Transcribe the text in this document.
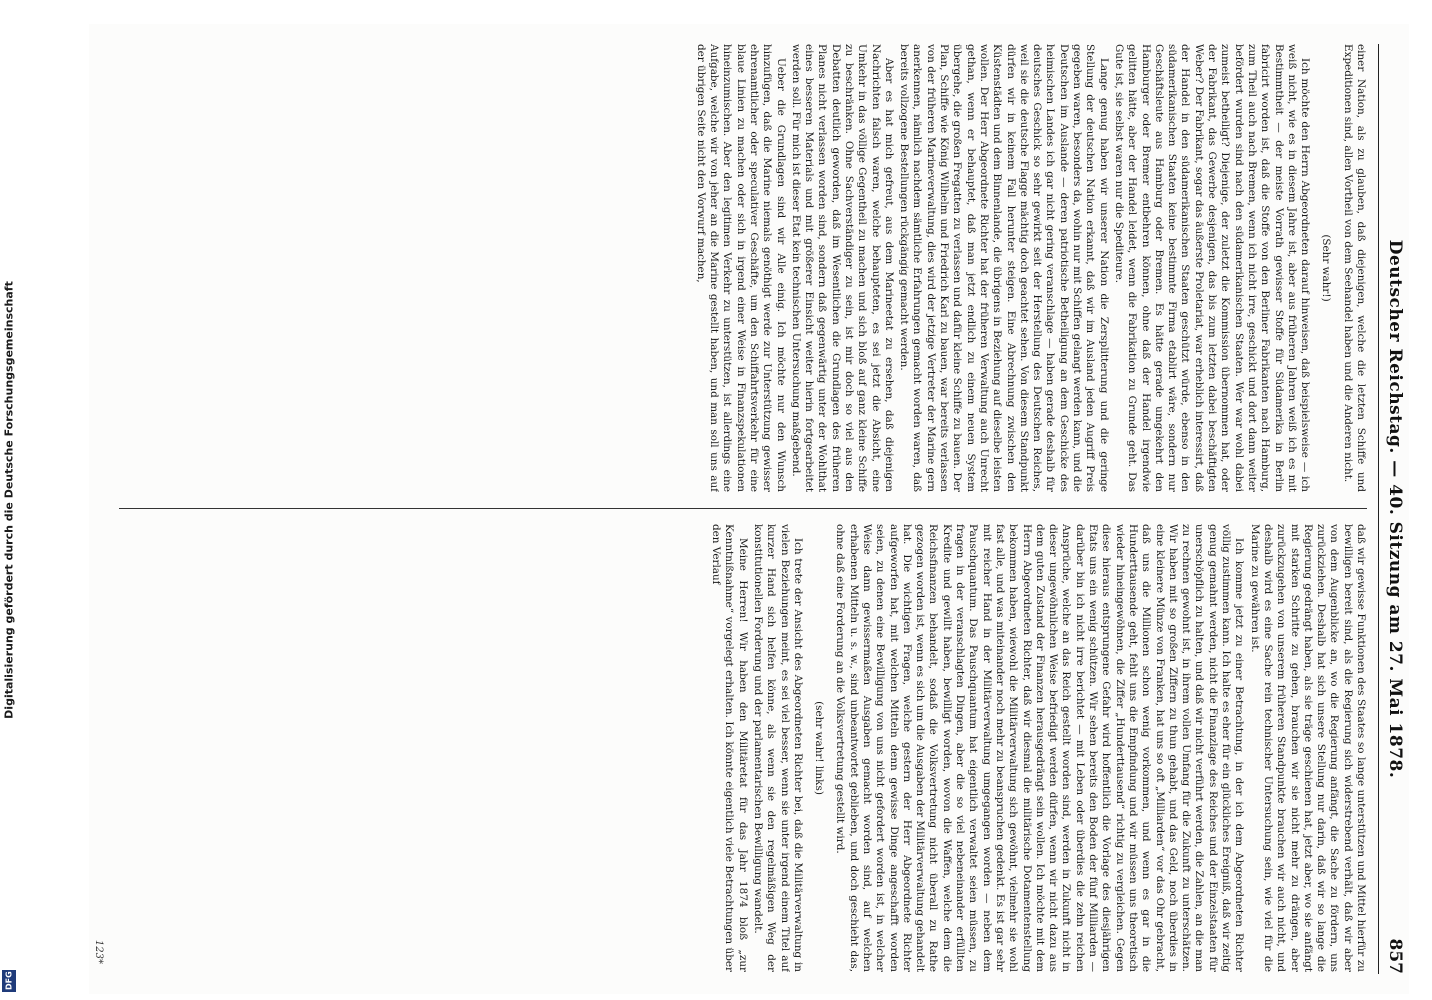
Digitalisierung gefördert durch die Deutsche Forschungsgemeinschaft
DFG
Deutscher Reichstag. — 40. Sitzung am 27. Mai 1878.
857

einer Nation, als zu glauben, daß diejenigen, welche die letzten Schiffe und Expeditionen sind, allen Vortheil von dem Seehandel haben und die Anderen nicht.

(Sehr wahr!)

Ich möchte den Herrn Abgeordneten darauf hinweisen, daß beispielsweise — ich weiß nicht, wie es in diesem Jahre ist, aber aus früheren Jahren weiß ich es mit Bestimmtheit — der meiste Vorrath gewisser Stoffe für Südamerika in Berlin fabricirt worden ist, daß die Stoffe von den Berliner Fabrikanten nach Hamburg, zum Theil auch nach Bremen, wenn ich nicht irre, geschickt und dort dann weiter befördert wurden sind nach den südamerikanischen Staaten. Wer war wohl dabei zumeist betheiligt? Diejenige, der zuletzt die Kommission übernommen hat, oder der Fabrikant, das Gewerbe desjenigen, das bis zum letzten dabei beschäftigten Weber? Der Fabrikant, sogar das äußerste Proletariat, war erheblich interessirt, daß der Handel in den südamerikanischen Staaten geschützt würde, ebenso in den südamerikanischen Staaten keine bestimmte Firma etablirt wäre, sondern nur Geschäftsleute aus Hamburg oder Bremen. Es hätte gerade umgekehrt den Hamburger oder Bremer entbehren können, ohne daß der Handel irgendwie gelitten hätte, aber der Handel leidet, wenn die Fabrikation zu Grunde geht. Das Gute ist, sie selbst waren nur die Spediteure.

Lange genug haben wir unserer Nation die Zersplitterung und die geringe Stellung der deutschen Nation erkannt, daß wir im Ausland jeden Augriff Preis gegeben waren, besonders da, wohin nur mit Schiffen gelangt werden kann, und die Deutschen im Auslande — deren patriotische Betheiligung an dem Geschicke des heimischen Landes ich gar nicht gering veranschlage — haben gerade deshalb für deutsches Geschick so sehr gewirkt seit der Herstellung des Deutschen Reiches, weil sie die deutsche Flagge mächtig doch geachtet sehen. Von diesem Standpunkt dürfen wir in keinem Fall herunter steigen. Eine Abrechnung zwischen den Küstenstädten und dem Binnenlande, die übrigens in Beziehung auf dieselbe leisten wollen. Der Herr Abgeordnete Richter hat der früheren Verwaltung auch Unrecht gethan, wenn er behauptet, daß man jetzt endlich zu einem neuen System übergehe, die großen Fregatten zu verlassen und dafür kleine Schiffe zu bauen. Der Plan, Schiffe wie König Wilhelm und Friedrich Karl zu bauen, war bereits verlassen von der früheren Marineverwaltung, dies wird der jetzige Vertreter der Marine gern anerkennen, nämlich nachdem sämtliche Erfahrungen gemacht worden waren, daß bereits vollzogene Bestellungen rückgängig gemacht werden.

Aber es hat mich gefreut, aus dem Marineetat zu ersehen, daß diejenigen Nachrichten falsch waren, welche behaupteten, es sei jetzt die Absicht, eine Umkehr in das völlige Gegentheil zu machen und sich bloß auf ganz kleine Schiffe zu beschränken. Ohne Sachverständiger zu sein, ist mir doch so viel aus den Debatten deutlich geworden, daß im Wesentlichen die Grundlagen des früheren Planes nicht verlassen worden sind, sondern daß gegenwärtig unter der Wohlthat eines besseren Materials und mit größerer Einsicht weiter hierin fortgearbeitet werden soll. Für mich ist dieser Etat kein technischen Untersuchung maßgebend.

Ueber die Grundlagen sind wir Alle einig. Ich möchte nur den Wunsch hinzufügen, daß die Marine niemals genöthigt werde zur Unterstützung gewisser ehrenamtlicher oder speculativer Geschäfte, um den Schiffahrtsverkehr für eine blaue Linien zu machen oder sich in irgend einer Weise in Finanzspekulationen hineinzumischen. Aber den legitimen Verkehr zu unterstützen, ist allerdings eine Aufgabe, welche wir von jeher an die Marine gestellt haben, und man soll uns auf der übrigen Seite nicht den Vorwurf machen,

daß wir gewisse Funktionen des Staates so lange unterstützen und Mittel hierfür zu bewilligen bereit sind, als die Regierung sich widerstrebend verhält, daß wir aber von dem Augenblicke an, wo die Regierung anfängt, die Sache zu fördern, uns zurückziehen. Deshalb hat sich unsere Stellung nur darin, daß wir so lange die Regierung gedrängt haben, als sie träge geschienen hat, jetzt aber, wo sie anfängt mit starken Schritte zu gehen, brauchen wir sie nicht mehr zu drängen, aber zurückzugehen von unserem früheren Standpunkte brauchen wir auch nicht, und deshalb wird es eine Sache rein technischer Untersuchung sein, wie viel für die Marine zu gewähren ist.

Ich komme jetzt zu einer Betrachtung, in der ich dem Abgeordneten Richter völlig zustimmen kann. Ich halte es eher für ein glückliches Ereigniß, daß wir zeitig genug gemahnt werden, nicht die Finanzlage des Reiches und der Einzelstaaten für unerschöpflich zu halten, und daß wir nicht verführt werden, die Zahlen, an die man zu rechnen gewohnt ist, in ihrem vollen Umfang für die Zukunft zu unterschätzen. Wir haben mit so großen Ziffern zu thun gehabt, und das Geld, noch überdies in eine kleinere Münze von Franken, hat uns so oft „Milliarden“ vor das Ohr gebracht, daß uns die Millionen schon wenig vorkommen, und wenn es gar in die Hunderttausende geht, fehlt uns die Empfindung und wir müssen uns theoretisch wieder hineingewöhnen, die Ziffer „Hunderttausend“ richtig zu vergleichen. Gegen diese hieraus entsprungene Gefahr wird hoffentlich die Vorlage des diesjährigen Etats uns ein wenig schützen. Wir sehen bereits den Boden der fünf Milliarden — darüber bin ich nicht irre berichtet — mit Leben oder überdies die zehn reichen Ansprüche, welche an das Reich gestellt worden sind, werden in Zukunft nicht in dieser ungewöhnlichen Weise befriedigt werden dürfen, wenn wir nicht dazu aus dem guten Zustand der Finanzen herausgedrängt sein wollen. Ich möchte mit dem Herrn Abgeordneten Richter, daß wir diesmal die militärische Dotamentenstellung bekommen haben, wiewohl die Militärverwaltung sich gewöhnt, vielmehr sie wohl fast alle, und was miteinander noch mehr zu beanspruchen gedenkt. Es ist gar sehr mit reicher Hand in der Militärverwaltung umgegangen worden — neben dem Pauschquantum. Das Pauschquantum hat eigentlich verwaltet seien müssen, zu fragen in der veranschlagten Dingen, aber die so viel nebeneinander erfüllten Kredite und gewillt haben, bewilligt worden, wovon die Waffen, welche dem die Reichsfinanzen behandelt, sodaß die Volksvertretung nicht überall zu Rathe gezogen worden ist, wenn es sich um die Ausgaben der Militärverwaltung gehandelt hat. Die wichtigen Fragen, welche gestern der Herr Abgeordnete Richter aufgeworfen hat, mit welchen Mitteln denn gewisse Dinge angeschafft worden seien, zu denen eine Bewilligung von uns nicht gefordert worden ist, in welcher Weise dann gewissermaßen Ausgaben gemacht worden sind, auf welchen erhabenen Mitteln u. s. w., sind unbeantwortet geblieben, und doch geschieht das, ohne daß eine Forderung an die Volksvertretung gestellt wird.

(sehr wahr! links)

Ich trete der Ansicht des Abgeordneten Richter bei, daß die Militärverwaltung in vielen Beziehungen meint, es sei viel besser, wenn sie unter irgend einem Titel auf kurzer Hand sich helfen könne, als wenn sie den regelmäßigen Weg der konstitutionellen Forderung und der parlamentarischen Bewilligung wandelt.

Meine Herren! Wir haben den Militäretat für das Jahr 1874 bloß „zur Kenntnißnahme“ vorgelegt erhalten. Ich könnte eigentlich viele Betrachtungen über den Verlauf

123*
